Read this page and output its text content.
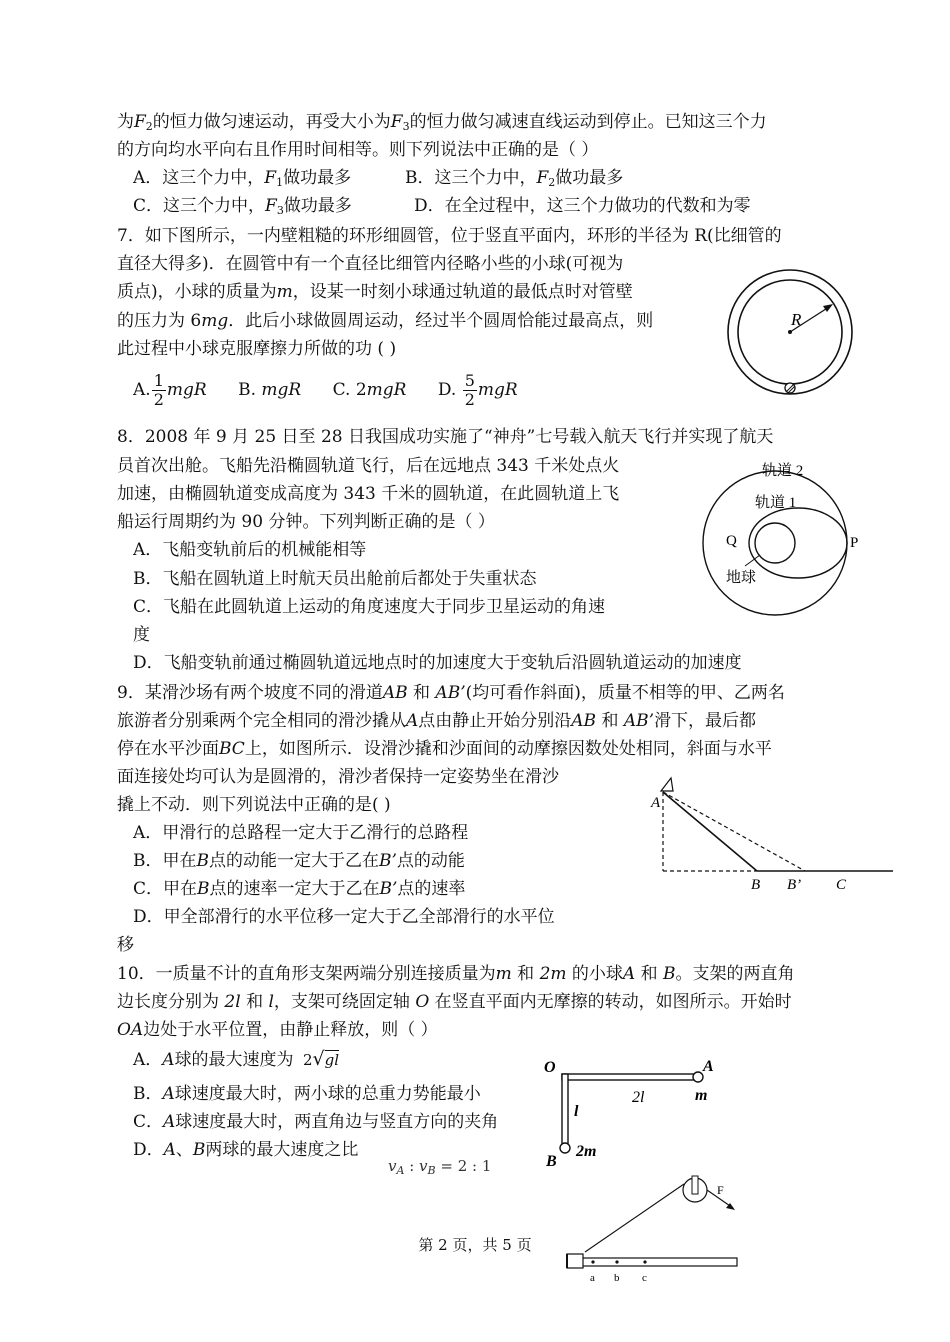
为$F_2$的恒力做匀速运动，再受大小为$F_3$的恒力做匀减速直线运动到停止。已知这三个力
的方向均水平向右且作用时间相等。则下列说法中正确的是（ ）
A．这三个力中，$F_1$做功最多	B．这三个力中，$F_2$做功最多
C．这三个力中，$F_3$做功最多	D．在全过程中，这三个力做功的代数和为零
7．如下图所示，一内壁粗糙的环形细圆管，位于竖直平面内，环形的半径为 R(比细管的
直径大得多)．在圆管中有一个直径比细管内径略小些的小球(可视为
质点)，小球的质量为m，设某一时刻小球通过轨道的最低点时对管壁
的压力为 6mg．此后小球做圆周运动，经过半个圆周恰能过最高点，则
此过程中小球克服摩擦力所做的功 ( )
A. $\frac{1}{2}$ mgR B. mgR C. 2mgR D. $\frac{5}{2}$ mgR
R
8．2008 年 9 月 25 日至 28 日我国成功实施了“神舟”七号载入航天飞行并实现了航天
员首次出舱。飞船先沿椭圆轨道飞行，后在远地点 343 千米处点火
加速，由椭圆轨道变成高度为 343 千米的圆轨道，在此圆轨道上飞
船运行周期约为 90 分钟。下列判断正确的是（ ）
A．飞船变轨前后的机械能相等
B．飞船在圆轨道上时航天员出舱前后都处于失重状态
C．飞船在此圆轨道上运动的角度速度大于同步卫星运动的角速
度
D．飞船变轨前通过椭圆轨道远地点时的加速度大于变轨后沿圆轨道运动的加速度
轨道 2
轨道 1
Q	P
地球
9．某滑沙场有两个坡度不同的滑道AB 和 AB’(均可看作斜面)，质量不相等的甲、乙两名
旅游者分别乘两个完全相同的滑沙撬从A点由静止开始分别沿AB 和 AB’滑下，最后都
停在水平沙面BC上，如图所示．设滑沙撬和沙面间的动摩擦因数处处相同，斜面与水平
面连接处均可认为是圆滑的，滑沙者保持一定姿势坐在滑沙
撬上不动．则下列说法中正确的是( )
A．甲滑行的总路程一定大于乙滑行的总路程
B．甲在B点的动能一定大于乙在B’点的动能
C．甲在B点的速率一定大于乙在B’点的速率
D．甲全部滑行的水平位移一定大于乙全部滑行的水平位
移
A
B B’ C
10．一质量不计的直角形支架两端分别连接质量为m 和 2m 的小球A 和 B。支架的两直角
边长度分别为 2l 和 l，支架可绕固定轴 O 在竖直平面内无摩擦的转动，如图所示。开始时
OA边处于水平位置，由静止释放，则（ ）
A．A球的最大速度为 2√gl
B．A球速度最大时，两小球的总重力势能最小
C．A球速度最大时，两直角边与竖直方向的夹角
D．A、B两球的最大速度之比
$v_A$ : $v_B = 2$ : 1
O	A
2l	m
l
B
2m
F
a b c
第 2 页，共 5 页
